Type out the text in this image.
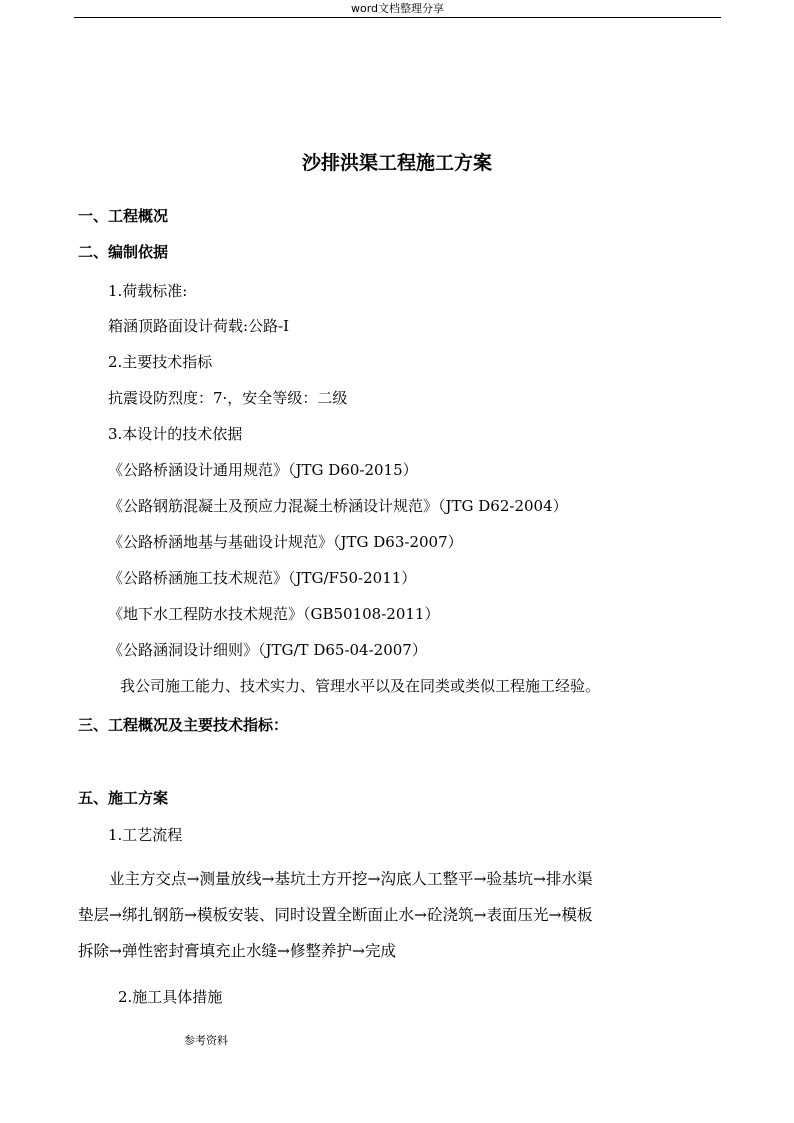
word文档整理分享
沙排洪渠工程施工方案
一、工程概况
二、编制依据
1.荷载标准:
箱涵顶路面设计荷载:公路-Ⅰ
2.主要技术指标
抗震设防烈度：7·，安全等级：二级
3.本设计的技术依据
《公路桥涵设计通用规范》（JTG D60-2015）
《公路钢筋混凝土及预应力混凝土桥涵设计规范》（JTG D62-2004）
《公路桥涵地基与基础设计规范》（JTG D63-2007）
《公路桥涵施工技术规范》（JTG/F50-2011）
《地下水工程防水技术规范》（GB50108-2011）
《公路涵洞设计细则》（JTG/T D65-04-2007）
我公司施工能力、技术实力、管理水平以及在同类或类似工程施工经验。
三、工程概况及主要技术指标：
五、施工方案
1.工艺流程
　　业主方交点→测量放线→基坑土方开挖→沟底人工整平→验基坑→排水渠
垫层→绑扎钢筋→模板安装、同时设置全断面止水→砼浇筑→表面压光→模板
拆除→弹性密封膏填充止水缝→修整养护→完成
2.施工具体措施
参考资料
